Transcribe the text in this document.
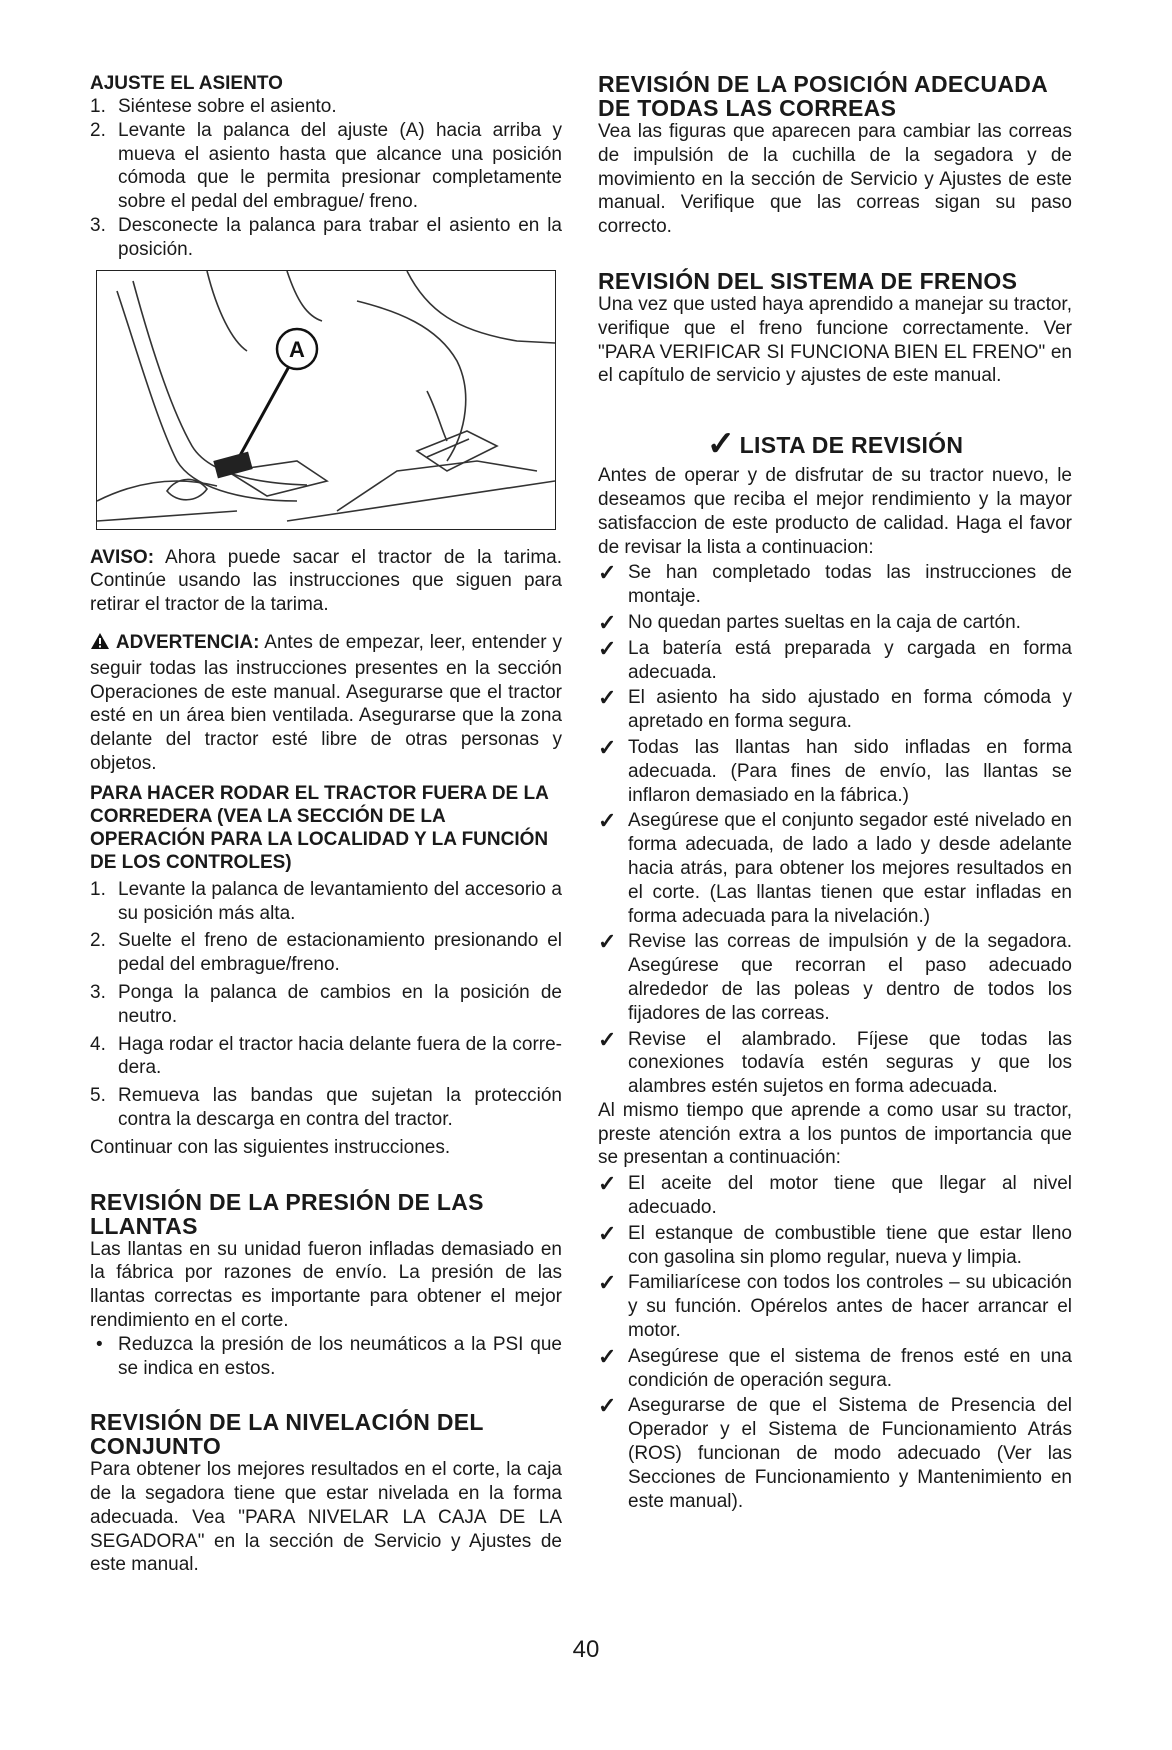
AJUSTE EL ASIENTO
1. Siéntese sobre el asiento.
2. Levante la palanca del ajuste (A) hacia arriba y mueva el asiento hasta que alcance una posición cómoda que le permita presionar completamente sobre el pedal del embrague/ freno.
3. Desconecte la palanca para trabar el asiento en la posición.
A

AVISO: Ahora puede sacar el tractor de la tarima. Continúe usando las instrucciones que siguen para retirar el tractor de la tarima.

ADVERTENCIA: Antes de empezar, leer, entender y seguir todas las instrucciones presentes en la sección Operaciones de este manual. Asegurarse que el tractor esté en un área bien ventilada. Asegurarse que la zona delante del tractor esté libre de otras personas y objetos.

PARA HACER RODAR EL TRACTOR FUERA DE LA CORREDERA (VEA LA SECCIÓN DE LA OPERACIÓN PARA LA LOCALIDAD Y LA FUNCIÓN DE LOS CONTROLES)
1. Levante la palanca de levantamiento del accesorio a su posición más alta.
2. Suelte el freno de estacionamiento presionando el pedal del embrague/freno.
3. Ponga la palanca de cambios en la posición de neutro.
4. Haga rodar el tractor hacia delante fuera de la corre-dera.
5. Remueva las bandas que sujetan la protección contra la descarga en contra del tractor.

Continuar con las siguientes instrucciones.

REVISIÓN DE LA PRESIÓN DE LAS LLANTAS

Las llantas en su unidad fueron infladas demasiado en la fábrica por razones de envío. La presión de las llantas correctas es importante para obtener el mejor rendimiento en el corte.

• Reduzca la presión de los neumáticos a la PSI que se indica en estos.
REVISIÓN DE LA NIVELACIÓN DEL CONJUNTO

Para obtener los mejores resultados en el corte, la caja de la segadora tiene que estar nivelada en la forma adecuada. Vea "PARA NIVELAR LA CAJA DE LA SEGADORA" en la sección de Servicio y Ajustes de este manual.

REVISIÓN DE LA POSICIÓN ADECUADA DE TODAS LAS CORREAS

Vea las figuras que aparecen para cambiar las correas de impulsión de la cuchilla de la segadora y de movimiento en la sección de Servicio y Ajustes de este manual. Verifique que las correas sigan su paso correcto.

REVISIÓN DEL SISTEMA DE FRENOS

Una vez que usted haya aprendido a manejar su tractor, verifique que el freno funcione correctamente. Ver "PARA VERIFICAR SI FUNCIONA BIEN EL FRENO" en el capítulo de servicio y ajustes de este manual.

✓ LISTA DE REVISIÓN

Antes de operar y de disfrutar de su tractor nuevo, le deseamos que reciba el mejor rendimiento y la mayor satisfaccion de este producto de calidad. Haga el favor de revisar la lista a continuacion:

✓ Se han completado todas las instrucciones de montaje.
✓ No quedan partes sueltas en la caja de cartón.
✓ La batería está preparada y cargada en forma adecuada.
✓ El asiento ha sido ajustado en forma cómoda y apretado en forma segura.
✓ Todas las llantas han sido infladas en forma adecuada. (Para fines de envío, las llantas se inflaron demasiado en la fábrica.)
✓ Asegúrese que el conjunto segador esté nivelado en forma adecuada, de lado a lado y desde adelante hacia atrás, para obtener los mejores resultados en el corte. (Las llantas tienen que estar infladas en forma adecuada para la nivelación.)
✓ Revise las correas de impulsión y de la segadora. Asegúrese que recorran el paso adecuado alrededor de las poleas y dentro de todos los fijadores de las correas.
✓ Revise el alambrado. Fíjese que todas las conexiones todavía estén seguras y que los alambres estén sujetos en forma adecuada.

Al mismo tiempo que aprende a como usar su tractor, preste atención extra a los puntos de importancia que se presentan a continuación:

✓ El aceite del motor tiene que llegar al nivel adecuado.
✓ El estanque de combustible tiene que estar lleno con gasolina sin plomo regular, nueva y limpia.
✓ Familiarícese con todos los controles – su ubicación y su función. Opérelos antes de hacer arrancar el motor.
✓ Asegúrese que el sistema de frenos esté en una condición de operación segura.
✓ Asegurarse de que el Sistema de Presencia del Operador y el Sistema de Funcionamiento Atrás (ROS) funcionan de modo adecuado (Ver las Secciones de Funcionamiento y Mantenimiento en este manual).
40
